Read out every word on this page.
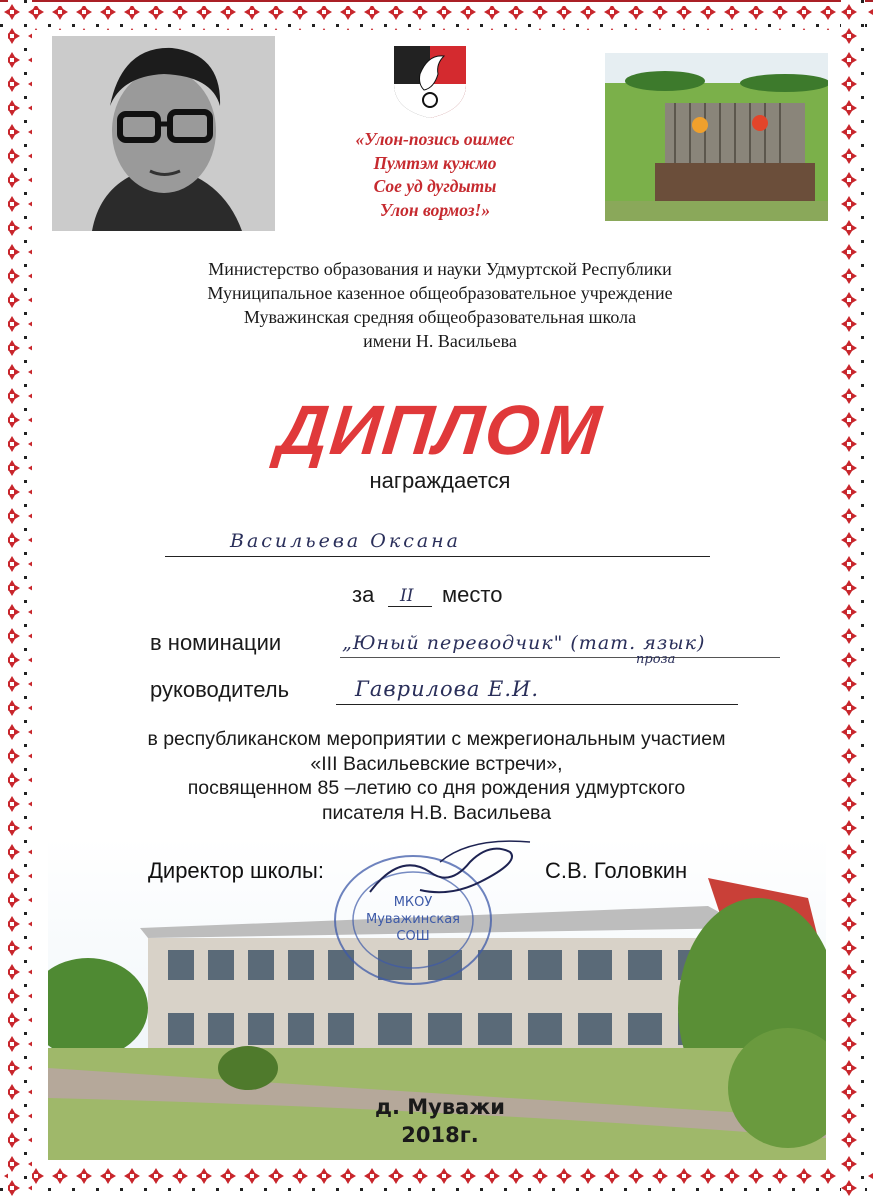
«Улон-позись ошмес
Пумтэм кужмо
Сое уд дугдыты
Улон вормоз!»
Министерство образования и науки Удмуртской Республики
Муниципальное казенное общеобразовательное учреждение
Муважинская средняя общеобразовательная школа
имени Н. Васильева
ДИПЛОМ
награждается
Васильева Оксана
за II место
в номинации	„Юный переводчик" (тат. язык)
проза
руководитель	Гаврилова Е.И.
в республиканском мероприятии с межрегиональным участием
«III Васильевские встречи»,
посвященном 85 –летию со дня рождения удмуртского
писателя Н.В. Васильева
МКОУ
Муважинская
СОШ
Директор школы:	С.В. Головкин
д. Муважи
2018г.
